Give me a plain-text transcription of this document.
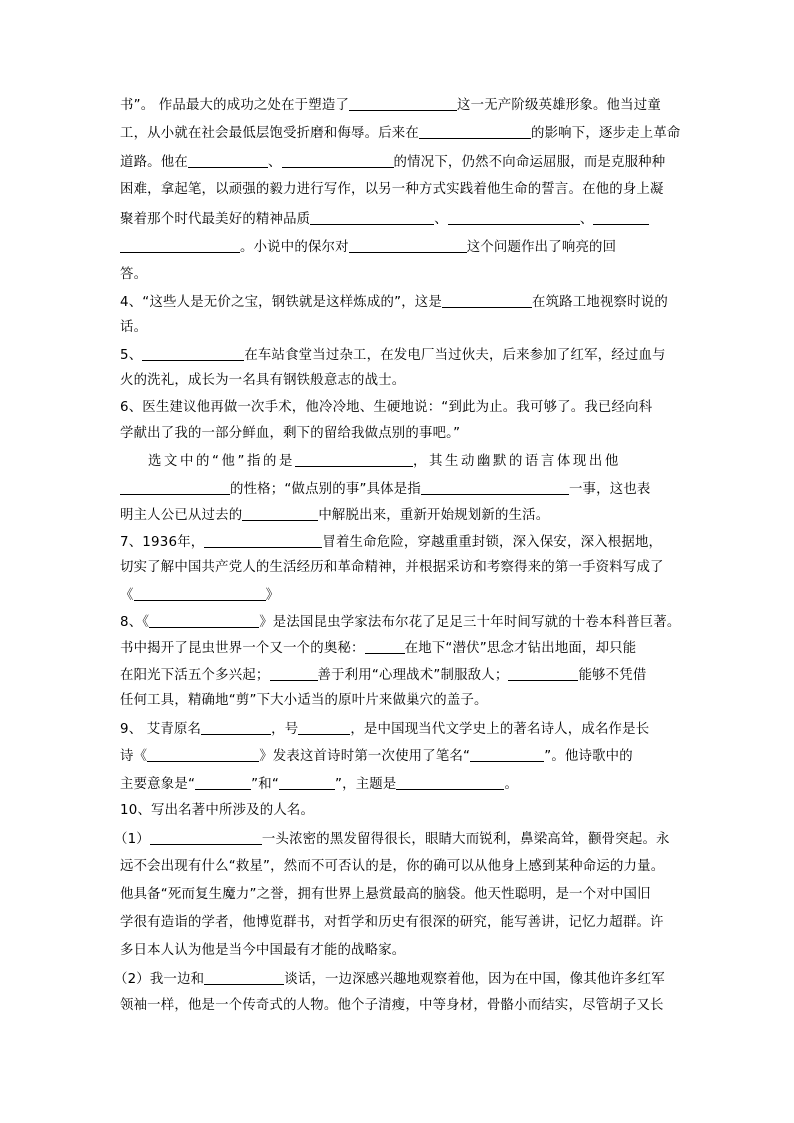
书”。 作品最大的成功之处在于塑造了	这一无产阶级英雄形象。他当过童
工，从小就在社会最低层饱受折磨和侮辱。后来在	的影响下，逐步走上革命
道路。他在	、	的情况下，仍然不向命运屈服，而是克服种种
困难，拿起笔，以顽强的毅力进行写作，以另一种方式实践着他生命的誓言。在他的身上凝
聚着那个时代最美好的精神品质	、	、
。小说中的保尔对	这个问题作出了响亮的回
答。
4、“这些人是无价之宝，钢铁就是这样炼成的”，这是	在筑路工地视察时说的
话。
5、	在车站食堂当过杂工，在发电厂当过伙夫，后来参加了红军，经过血与
火的洗礼，成长为一名具有钢铁般意志的战士。
6、医生建议他再做一次手术，他冷冷地、生硬地说：“到此为止。我可够了。我已经向科
学献出了我的一部分鲜血，剩下的留给我做点别的事吧。”
选文中的“他”指的是	，其生动幽默的语言体现出他
的性格；“做点别的事”具体是指	一事，这也表
明主人公已从过去的	中解脱出来，重新开始规划新的生活。
7、1936年，	冒着生命危险，穿越重重封锁，深入保安，深入根据地，
切实了解中国共产党人的生活经历和革命精神，并根据采访和考察得来的第一手资料写成了
《	》
8、《	》是法国昆虫学家法布尔花了足足三十年时间写就的十卷本科普巨著。
书中揭开了昆虫世界一个又一个的奥秘：	在地下“潜伏”思念才钻出地面，却只能
在阳光下活五个多兴起；	善于利用“心理战术”制服敌人；	能够不凭借
任何工具，精确地“剪”下大小适当的原叶片来做巢穴的盖子。
9、 艾青原名	，号	，是中国现当代文学史上的著名诗人，成名作是长
诗《	》发表这首诗时第一次使用了笔名“	”。他诗歌中的
主要意象是“	”和“	”，主题是	。
10、写出名著中所涉及的人名。
（1）	一头浓密的黑发留得很长，眼睛大而锐利，鼻梁高耸，颧骨突起。永
远不会出现有什么“救星”，然而不可否认的是，你的确可以从他身上感到某种命运的力量。
他具备“死而复生魔力”之誉，拥有世界上悬赏最高的脑袋。他天性聪明，是一个对中国旧
学很有造诣的学者，他博览群书，对哲学和历史有很深的研究，能写善讲，记忆力超群。许
多日本人认为他是当今中国最有才能的战略家。
（2）我一边和	谈话，一边深感兴趣地观察着他，因为在中国，像其他许多红军
领袖一样，他是一个传奇式的人物。他个子清瘦，中等身材，骨骼小而结实，尽管胡子又长
